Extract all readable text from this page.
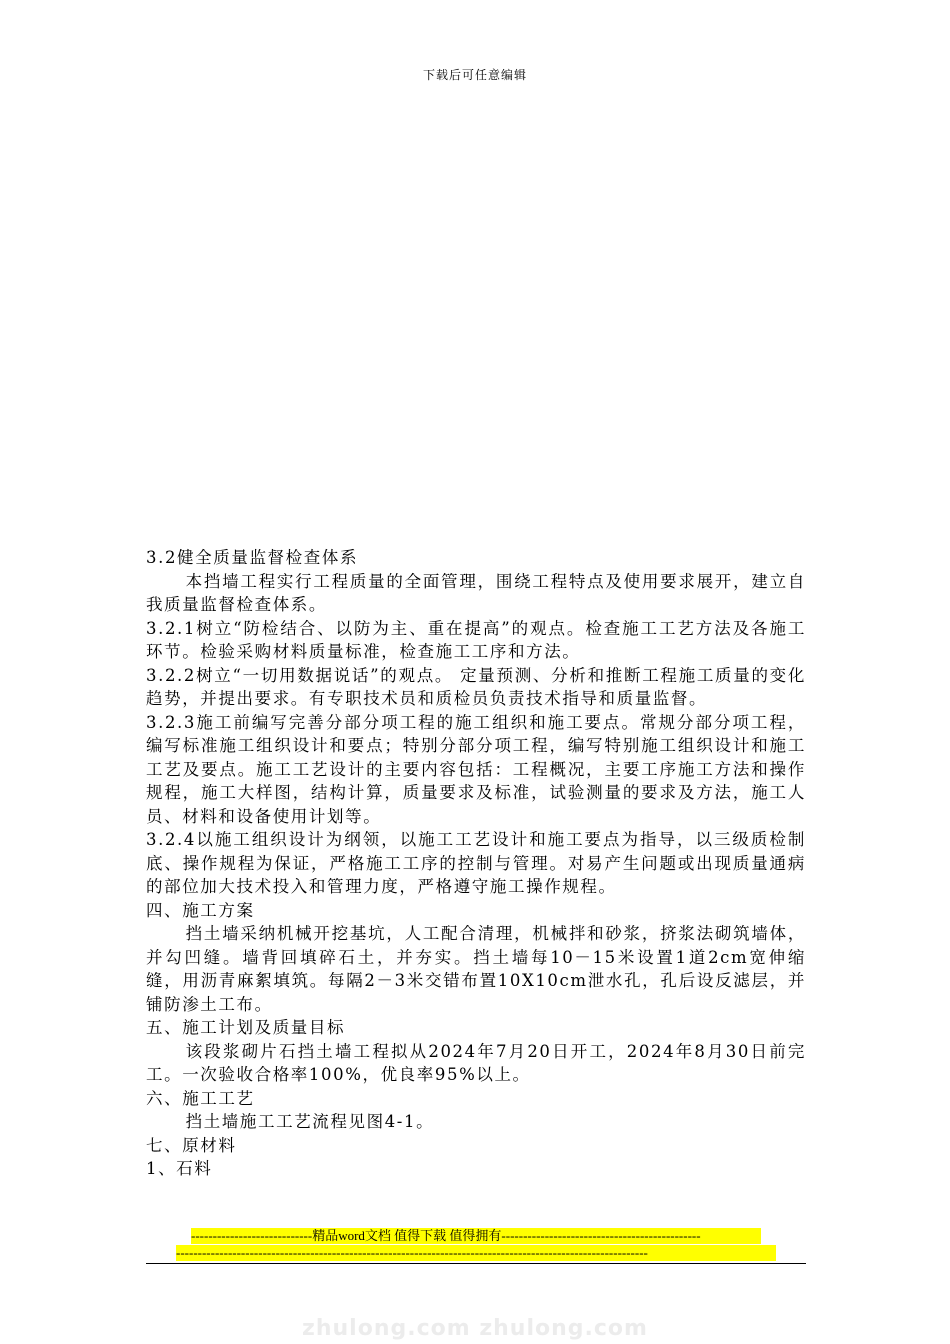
下载后可任意编辑

3.2健全质量监督检查体系

本挡墙工程实行工程质量的全面管理，围绕工程特点及使用要求展开，建立自我质量监督检查体系。

3.2.1树立“防检结合、以防为主、重在提高”的观点。检查施工工艺方法及各施工环节。检验采购材料质量标准，检查施工工序和方法。

3.2.2树立“一切用数据说话”的观点。 定量预测、分析和推断工程施工质量的变化趋势，并提出要求。有专职技术员和质检员负责技术指导和质量监督。

3.2.3施工前编写完善分部分项工程的施工组织和施工要点。常规分部分项工程，编写标准施工组织设计和要点；特别分部分项工程，编写特别施工组织设计和施工工艺及要点。施工工艺设计的主要内容包括：工程概况，主要工序施工方法和操作规程，施工大样图，结构计算，质量要求及标准，试验测量的要求及方法，施工人员、材料和设备使用计划等。

3.2.4以施工组织设计为纲领，以施工工艺设计和施工要点为指导，以三级质检制底、操作规程为保证，严格施工工序的控制与管理。对易产生问题或出现质量通病的部位加大技术投入和管理力度，严格遵守施工操作规程。

四、施工方案

挡土墙采纳机械开挖基坑，人工配合清理，机械拌和砂浆，挤浆法砌筑墙体，并勾凹缝。墙背回填碎石土，并夯实。挡土墙每10－15米设置1道2cm宽伸缩缝，用沥青麻絮填筑。每隔2－3米交错布置10X10cm泄水孔，孔后设反滤层，并铺防渗土工布。

五、施工计划及质量目标

该段浆砌片石挡土墙工程拟从2024年7月20日开工，2024年8月30日前完工。一次验收合格率100%，优良率95%以上。

六、施工工艺

挡土墙施工工艺流程见图4-1。

七、原材料

1、石料

----------------------------精品word文档 值得下载 值得拥有----------------------------------------------
-------------------------------------------------------------------------------------------------------------
zhulong.com zhulong.com
